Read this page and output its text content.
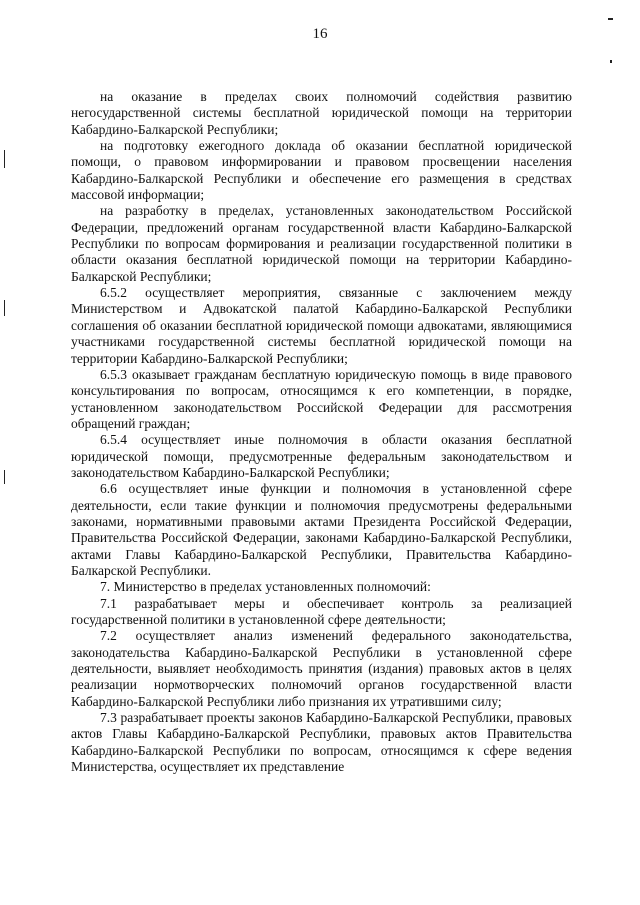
16

на оказание в пределах своих полномочий содействия развитию негосударственной системы бесплатной юридической помощи на территории Кабардино-Балкарской Республики;

на подготовку ежегодного доклада об оказании бесплатной юридической помощи, о правовом информировании и правовом просвещении населения Кабардино-Балкарской Республики и обеспечение его размещения в средствах массовой информации;

на разработку в пределах, установленных законодательством Российской Федерации, предложений органам государственной власти Кабардино-Балкарской Республики по вопросам формирования и реализации государственной политики в области оказания бесплатной юридической помощи на территории Кабардино-Балкарской Республики;

6.5.2 осуществляет мероприятия, связанные с заключением между Министерством и Адвокатской палатой Кабардино-Балкарской Республики соглашения об оказании бесплатной юридической помощи адвокатами, являющимися участниками государственной системы бесплатной юридической помощи на территории Кабардино-Балкарской Республики;

6.5.3 оказывает гражданам бесплатную юридическую помощь в виде правового консультирования по вопросам, относящимся к его компетенции, в порядке, установленном законодательством Российской Федерации для рассмотрения обращений граждан;

6.5.4 осуществляет иные полномочия в области оказания бесплатной юридической помощи, предусмотренные федеральным законодательством и законодательством Кабардино-Балкарской Республики;

6.6 осуществляет иные функции и полномочия в установленной сфере деятельности, если такие функции и полномочия предусмотрены федеральными законами, нормативными правовыми актами Президента Российской Федерации, Правительства Российской Федерации, законами Кабардино-Балкарской Республики, актами Главы Кабардино-Балкарской Республики, Правительства Кабардино-Балкарской Республики.

7. Министерство в пределах установленных полномочий:

7.1 разрабатывает меры и обеспечивает контроль за реализацией государственной политики в установленной сфере деятельности;

7.2 осуществляет анализ изменений федерального законодательства, законодательства Кабардино-Балкарской Республики в установленной сфере деятельности, выявляет необходимость принятия (издания) правовых актов в целях реализации нормотворческих полномочий органов государственной власти Кабардино-Балкарской Республики либо признания их утратившими силу;

7.3 разрабатывает проекты законов Кабардино-Балкарской Республики, правовых актов Главы Кабардино-Балкарской Республики, правовых актов Правительства Кабардино-Балкарской Республики по вопросам, относящимся к сфере ведения Министерства, осуществляет их представление
